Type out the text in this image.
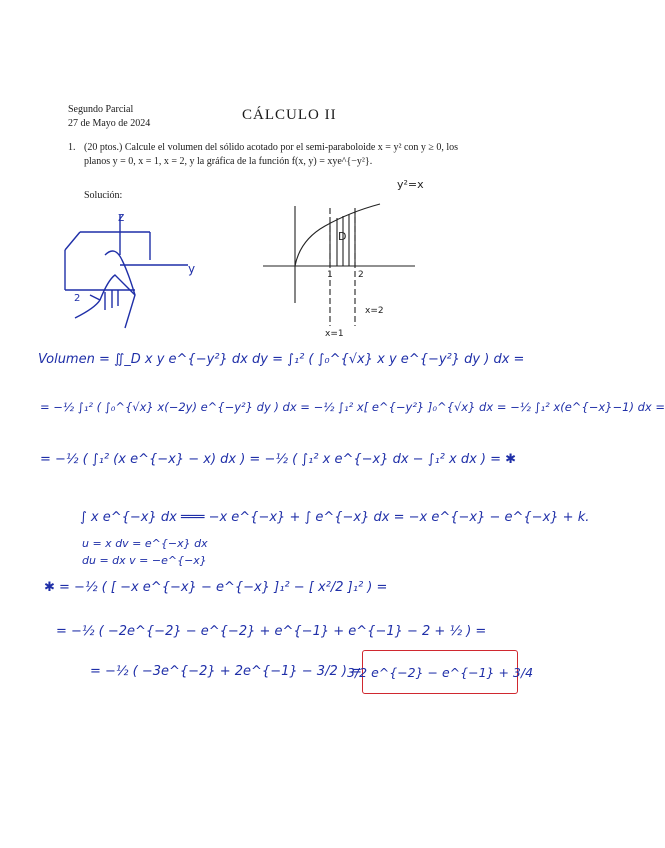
Segundo Parcial
27 de Mayo de 2024
CÁLCULO II
1. (20 ptos.) Calcule el volumen del sólido acotado por el semi-paraboloide x = y² con y ≥ 0, los
planos y = 0, x = 1, x = 2, y la gráfica de la función f(x, y) = xye^{−y²}.
Solución:
z
y
2
y²=x
D
1	2
x=1
x=2
Volumen = ∬_D x y e^{−y²} dx dy = ∫₁² ( ∫₀^{√x} x y e^{−y²} dy ) dx =
= −½ ∫₁² ( ∫₀^{√x} x(−2y) e^{−y²} dy ) dx = −½ ∫₁² x[ e^{−y²} ]₀^{√x} dx = −½ ∫₁² x(e^{−x}−1) dx =
= −½ ( ∫₁² (x e^{−x} − x) dx ) = −½ ( ∫₁² x e^{−x} dx − ∫₁² x dx ) = ✱
∫ x e^{−x} dx ═══ −x e^{−x} + ∫ e^{−x} dx = −x e^{−x} − e^{−x} + k.
u = x dv = e^{−x} dx
du = dx v = −e^{−x}
✱ = −½ ( [ −x e^{−x} − e^{−x} ]₁² − [ x²/2 ]₁² ) =
= −½ ( −2e^{−2} − e^{−2} + e^{−1} + e^{−1} − 2 + ½ ) =
= −½ ( −3e^{−2} + 2e^{−1} − 3/2 ) =
3/2 e^{−2} − e^{−1} + 3/4
